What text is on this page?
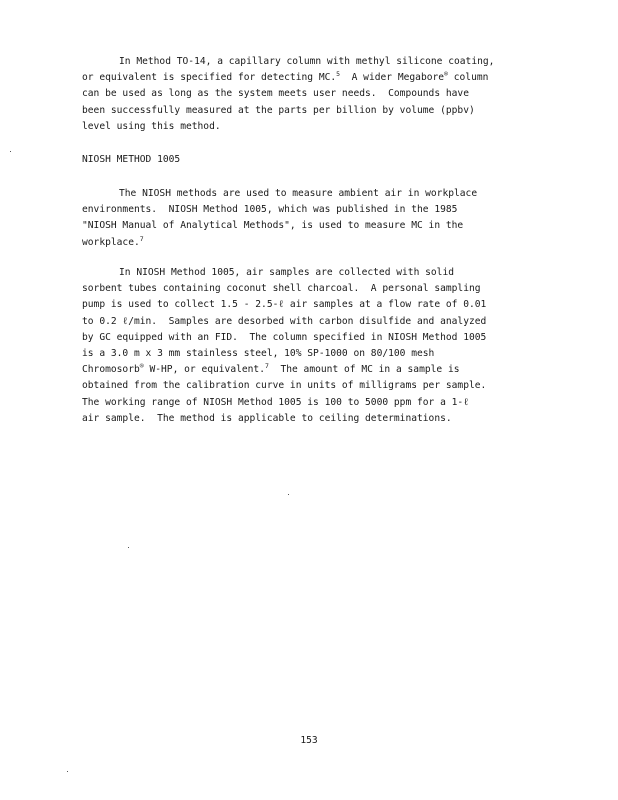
In Method TO-14, a capillary column with methyl silicone coating,
or equivalent is specified for detecting MC.$^5$  A wider Megabore® column
can be used as long as the system meets user needs.  Compounds have
been successfully measured at the parts per billion by volume (ppbv)
level using this method.
NIOSH METHOD 1005
The NIOSH methods are used to measure ambient air in workplace
environments.  NIOSH Method 1005, which was published in the 1985
"NIOSH Manual of Analytical Methods", is used to measure MC in the
workplace.$^7$
In NIOSH Method 1005, air samples are collected with solid
sorbent tubes containing coconut shell charcoal.  A personal sampling
pump is used to collect 1.5 - 2.5-ℓ air samples at a flow rate of 0.01
to 0.2 ℓ/min.  Samples are desorbed with carbon disulfide and analyzed
by GC equipped with an FID.  The column specified in NIOSH Method 1005
is a 3.0 m x 3 mm stainless steel, 10% SP-1000 on 80/100 mesh
Chromosorb® W-HP, or equivalent.$^7$  The amount of MC in a sample is
obtained from the calibration curve in units of milligrams per sample.
The working range of NIOSH Method 1005 is 100 to 5000 ppm for a 1-ℓ
air sample.  The method is applicable to ceiling determinations.
153
